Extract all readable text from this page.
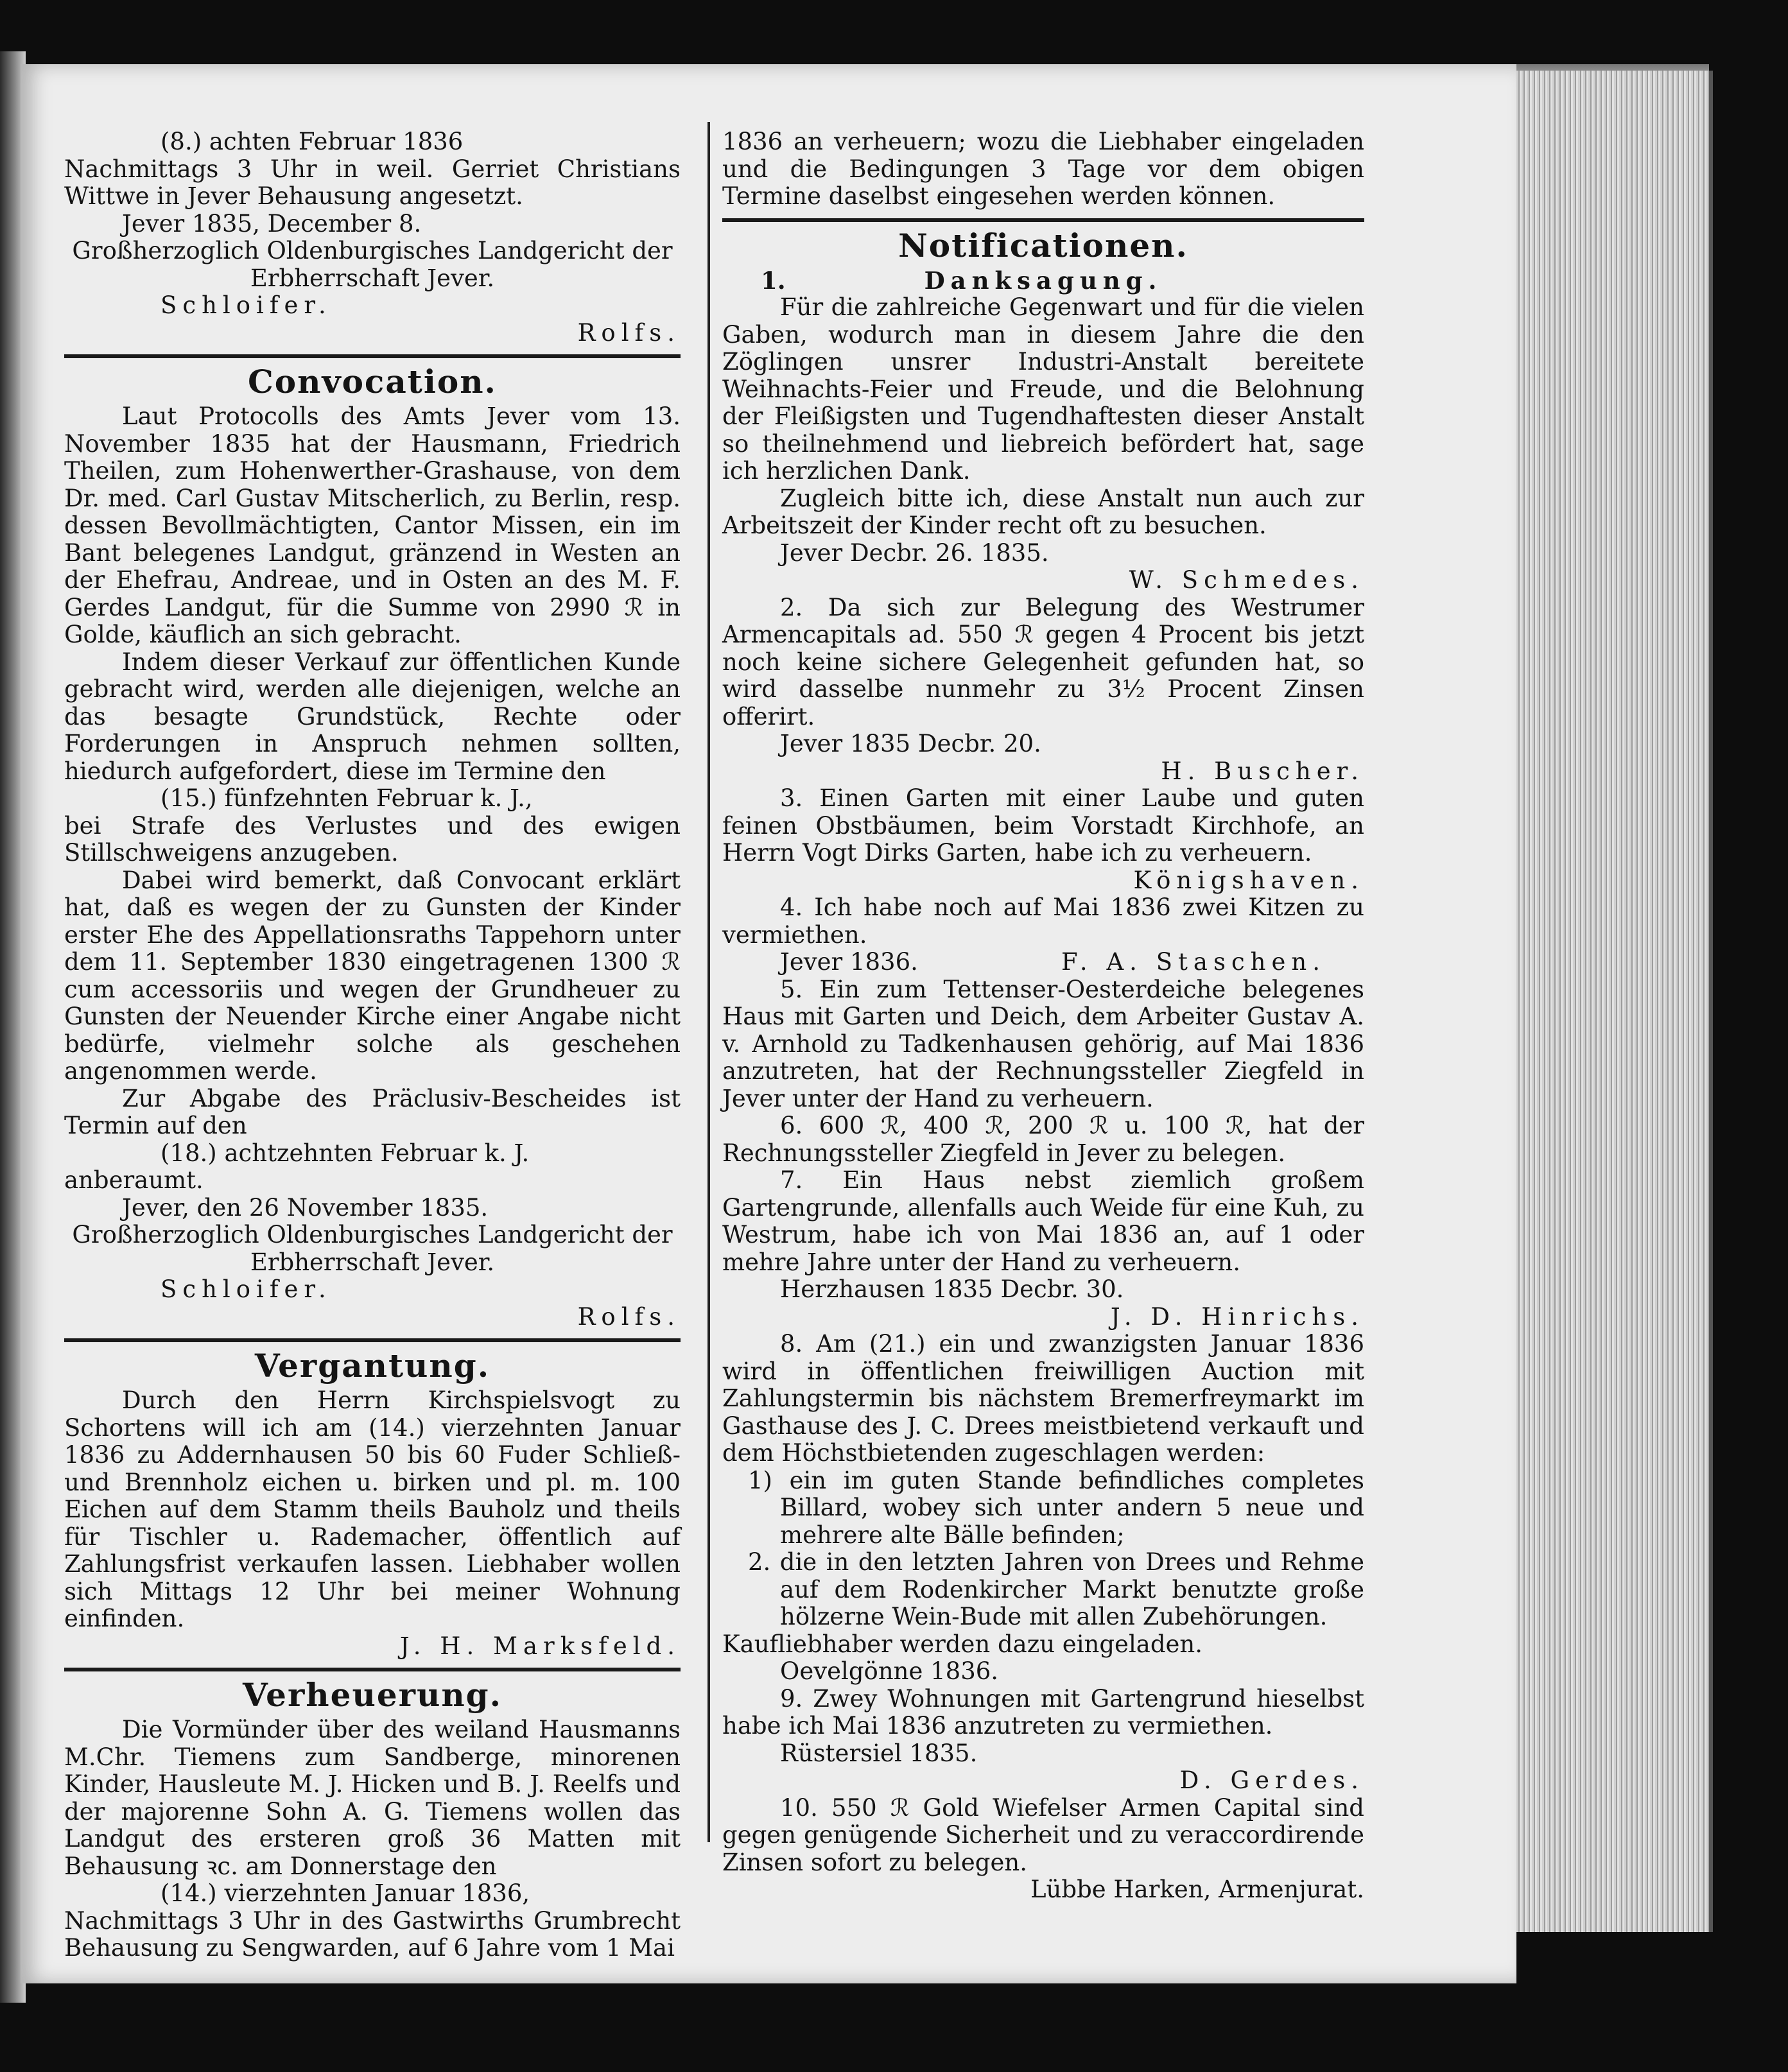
(8.) achten Februar 1836

Nachmittags 3 Uhr in weil. Gerriet Christians Wittwe in Jever Behausung angesetzt.

Jever 1835, December 8.

Großherzoglich Oldenburgisches Landgericht der Erbherrschaft Jever.

Schloifer.

Rolfs.

Convocation.

Laut Protocolls des Amts Jever vom 13. November 1835 hat der Hausmann, Friedrich Theilen, zum Hohenwerther-Grashause, von dem Dr. med. Carl Gustav Mitscherlich, zu Berlin, resp. dessen Bevollmächtigten, Cantor Missen, ein im Bant belegenes Landgut, gränzend in Westen an der Ehefrau, Andreae, und in Osten an des M. F. Gerdes Landgut, für die Summe von 2990 ℛ in Golde, käuflich an sich gebracht.

Indem dieser Verkauf zur öffentlichen Kunde gebracht wird, werden alle diejenigen, welche an das besagte Grundstück, Rechte oder Forderungen in Anspruch nehmen sollten, hiedurch aufgefordert, diese im Termine den

(15.) fünfzehnten Februar k. J.,

bei Strafe des Verlustes und des ewigen Stillschweigens anzugeben.

Dabei wird bemerkt, daß Convocant erklärt hat, daß es wegen der zu Gunsten der Kinder erster Ehe des Appellationsraths Tappehorn unter dem 11. September 1830 eingetragenen 1300 ℛ cum accessoriis und wegen der Grundheuer zu Gunsten der Neuender Kirche einer Angabe nicht bedürfe, vielmehr solche als geschehen angenommen werde.

Zur Abgabe des Präclusiv-Bescheides ist Termin auf den

(18.) achtzehnten Februar k. J.

anberaumt.

Jever, den 26 November 1835.

Großherzoglich Oldenburgisches Landgericht der Erbherrschaft Jever.

Schloifer.

Rolfs.

Vergantung.

Durch den Herrn Kirchspielsvogt zu Schortens will ich am (14.) vierzehnten Januar 1836 zu Addernhausen 50 bis 60 Fuder Schließ- und Brennholz eichen u. birken und pl. m. 100 Eichen auf dem Stamm theils Bauholz und theils für Tischler u. Rademacher, öffentlich auf Zahlungsfrist verkaufen lassen. Liebhaber wollen sich Mittags 12 Uhr bei meiner Wohnung einfinden.

J. H. Marksfeld.

Verheuerung.

Die Vormünder über des weiland Hausmanns M.Chr. Tiemens zum Sandberge, minorenen Kinder, Hausleute M. J. Hicken und B. J. Reelfs und der majorenne Sohn A. G. Tiemens wollen das Landgut des ersteren groß 36 Matten mit Behausung ꝛc. am Donnerstage den

(14.) vierzehnten Januar 1836,

Nachmittags 3 Uhr in des Gastwirths Grumbrecht Behausung zu Sengwarden, auf 6 Jahre vom 1 Mai

1836 an verheuern; wozu die Liebhaber eingeladen und die Bedingungen 3 Tage vor dem obigen Termine daselbst eingesehen werden können.

Notificationen.

1.	Danksagung.

Für die zahlreiche Gegenwart und für die vielen Gaben, wodurch man in diesem Jahre die den Zöglingen unsrer Industri-Anstalt bereitete Weihnachts-Feier und Freude, und die Belohnung der Fleißigsten und Tugendhaftesten dieser Anstalt so theilnehmend und liebreich befördert hat, sage ich herzlichen Dank.

Zugleich bitte ich, diese Anstalt nun auch zur Arbeitszeit der Kinder recht oft zu besuchen.

Jever Decbr. 26. 1835.

W. Schmedes.

2. Da sich zur Belegung des Westrumer Armencapitals ad. 550 ℛ gegen 4 Procent bis jetzt noch keine sichere Gelegenheit gefunden hat, so wird dasselbe nunmehr zu 3½ Procent Zinsen offerirt.

Jever 1835 Decbr. 20.

H. Buscher.

3. Einen Garten mit einer Laube und guten feinen Obstbäumen, beim Vorstadt Kirchhofe, an Herrn Vogt Dirks Garten, habe ich zu verheuern.

Königshaven.

4. Ich habe noch auf Mai 1836 zwei Kitzen zu vermiethen.

Jever 1836.	F. A. Staschen.

5. Ein zum Tettenser-Oesterdeiche belegenes Haus mit Garten und Deich, dem Arbeiter Gustav A. v. Arnhold zu Tadkenhausen gehörig, auf Mai 1836 anzutreten, hat der Rechnungssteller Ziegfeld in Jever unter der Hand zu verheuern.

6. 600 ℛ, 400 ℛ, 200 ℛ u. 100 ℛ, hat der Rechnungssteller Ziegfeld in Jever zu belegen.

7. Ein Haus nebst ziemlich großem Gartengrunde, allenfalls auch Weide für eine Kuh, zu Westrum, habe ich von Mai 1836 an, auf 1 oder mehre Jahre unter der Hand zu verheuern.

Herzhausen 1835 Decbr. 30.

J. D. Hinrichs.

8. Am (21.) ein und zwanzigsten Januar 1836 wird in öffentlichen freiwilligen Auction mit Zahlungstermin bis nächstem Bremerfreymarkt im Gasthause des J. C. Drees meistbietend verkauft und dem Höchstbietenden zugeschlagen werden:

1) ein im guten Stande befindliches completes Billard, wobey sich unter andern 5 neue und mehrere alte Bälle befinden;

2. die in den letzten Jahren von Drees und Rehme auf dem Rodenkircher Markt benutzte große hölzerne Wein-Bude mit allen Zubehörungen.

Kaufliebhaber werden dazu eingeladen.

Oevelgönne 1836.

9. Zwey Wohnungen mit Gartengrund hieselbst habe ich Mai 1836 anzutreten zu vermiethen.

Rüstersiel 1835.

D. Gerdes.

10. 550 ℛ Gold Wiefelser Armen Capital sind gegen genügende Sicherheit und zu veraccordirende Zinsen sofort zu belegen.

Lübbe Harken, Armenjurat.
